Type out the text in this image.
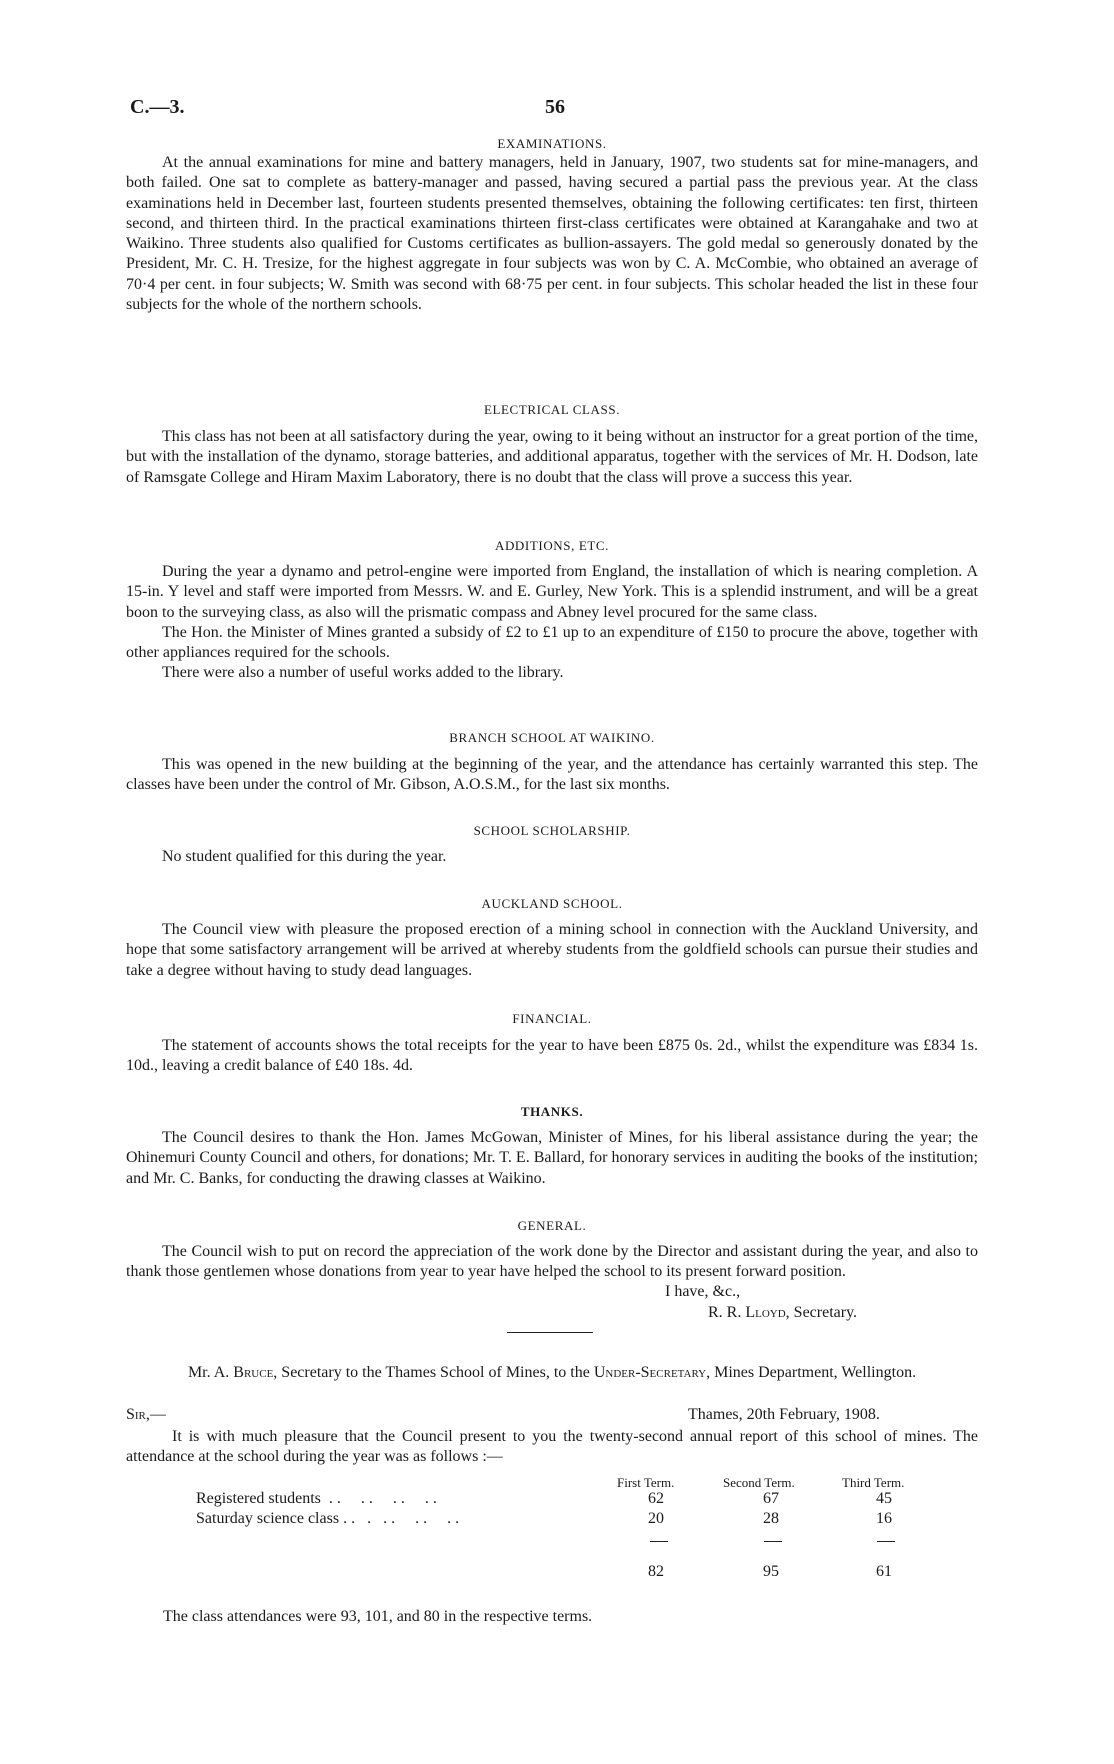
C.—3.	56
EXAMINATIONS.

At the annual examinations for mine and battery managers, held in January, 1907, two students sat for mine-managers, and both failed. One sat to complete as battery-manager and passed, having secured a partial pass the previous year. At the class examinations held in December last, fourteen students presented themselves, obtaining the following certificates: ten first, thirteen second, and thirteen third. In the practical examinations thirteen first-class certificates were obtained at Karangahake and two at Waikino. Three students also qualified for Customs certificates as bullion-assayers. The gold medal so generously donated by the President, Mr. C. H. Tresize, for the highest aggregate in four subjects was won by C. A. McCombie, who obtained an average of 70·4 per cent. in four subjects; W. Smith was second with 68·75 per cent. in four subjects. This scholar headed the list in these four subjects for the whole of the northern schools.

ELECTRICAL CLASS.

This class has not been at all satisfactory during the year, owing to it being without an instructor for a great portion of the time, but with the installation of the dynamo, storage batteries, and additional apparatus, together with the services of Mr. H. Dodson, late of Ramsgate College and Hiram Maxim Laboratory, there is no doubt that the class will prove a success this year.

ADDITIONS, ETC.

During the year a dynamo and petrol-engine were imported from England, the installation of which is nearing completion. A 15-in. Y level and staff were imported from Messrs. W. and E. Gurley, New York. This is a splendid instrument, and will be a great boon to the surveying class, as also will the prismatic compass and Abney level procured for the same class.

The Hon. the Minister of Mines granted a subsidy of £2 to £1 up to an expenditure of £150 to procure the above, together with other appliances required for the schools.

There were also a number of useful works added to the library.

BRANCH SCHOOL AT WAIKINO.

This was opened in the new building at the beginning of the year, and the attendance has certainly warranted this step. The classes have been under the control of Mr. Gibson, A.O.S.M., for the last six months.

SCHOOL SCHOLARSHIP.

No student qualified for this during the year.

AUCKLAND SCHOOL.

The Council view with pleasure the proposed erection of a mining school in connection with the Auckland University, and hope that some satisfactory arrangement will be arrived at whereby students from the goldfield schools can pursue their studies and take a degree without having to study dead languages.

FINANCIAL.

The statement of accounts shows the total receipts for the year to have been £875 0s. 2d., whilst the expenditure was £834 1s. 10d., leaving a credit balance of £40 18s. 4d.

THANKS.

The Council desires to thank the Hon. James McGowan, Minister of Mines, for his liberal assistance during the year; the Ohinemuri County Council and others, for donations; Mr. T. E. Ballard, for honorary services in auditing the books of the institution; and Mr. C. Banks, for conducting the drawing classes at Waikino.

GENERAL.

The Council wish to put on record the appreciation of the work done by the Director and assistant during the year, and also to thank those gentlemen whose donations from year to year have helped the school to its present forward position.

I have, &c.,
R. R. Lloyd, Secretary.

Mr. A. Bruce, Secretary to the Thames School of Mines, to the Under-Secretary, Mines Department, Wellington.

Sir,—	Thames, 20th February, 1908.

It is with much pleasure that the Council present to you the twenty-second annual report of this school of mines. The attendance at the school during the year was as follows :—

First Term.	Second Term.	Third Term.
Registered students  . .     . .     . .     . .	62	67	45
Saturday science class . .   .   . .     . .     . .	20	28	16
82	95	61
The class attendances were 93, 101, and 80 in the respective terms.
